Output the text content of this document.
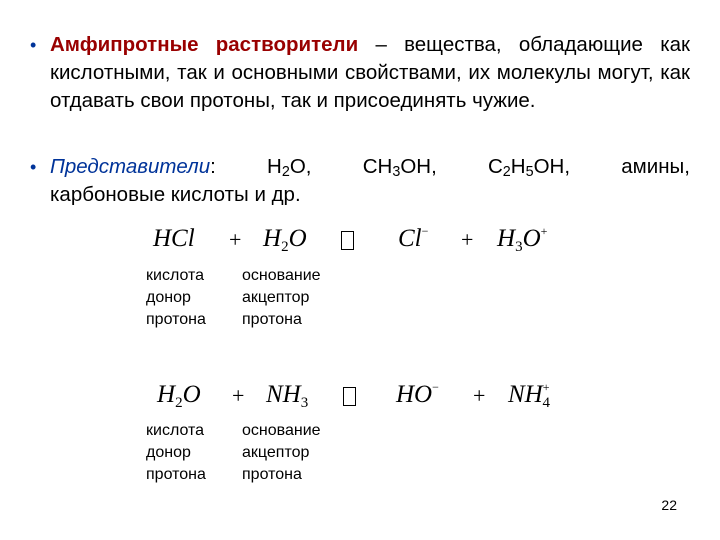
• Амфипротные растворители – вещества, обладающие как кислотными, так и основными свойствами, их молекулы могут, как отдавать свои протоны, так и присоединять чужие.
• Представители: $H_2O$, $CH_3OH$, $C_2H_5OH$, амины,
карбоновые кислоты и др.
HCl + $H_2O$	$Cl^- + H_3O^+$
кислота
донор
протона
основание
акцептор
протона
$H_2O + NH_3$	$HO^- + NH^+_4$
кислота
донор
протона
основание
акцептор
протона
22
